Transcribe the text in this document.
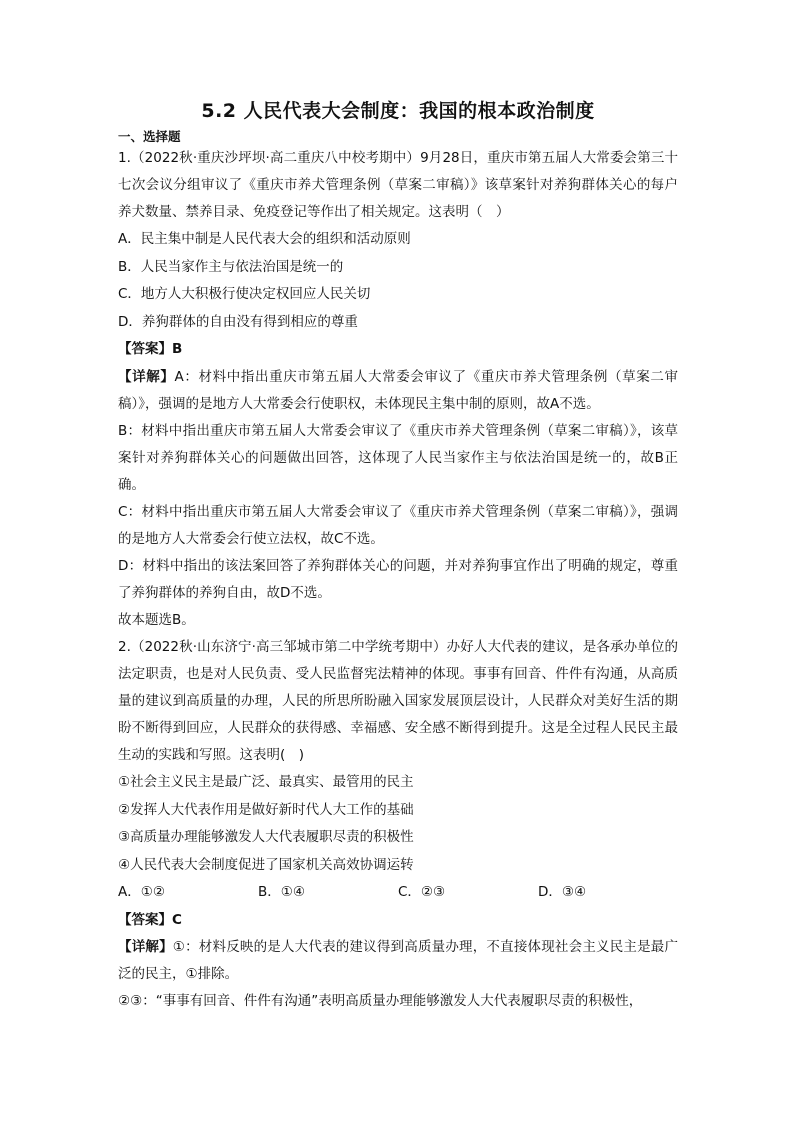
5.2 人民代表大会制度：我国的根本政治制度

一、选择题

1.（2022秋·重庆沙坪坝·高二重庆八中校考期中）9月28日，重庆市第五届人大常委会第三十七次会议分组审议了《重庆市养犬管理条例（草案二审稿）》该草案针对养狗群体关心的每户养犬数量、禁养目录、免疫登记等作出了相关规定。这表明（　）

A．民主集中制是人民代表大会的组织和活动原则

B．人民当家作主与依法治国是统一的

C．地方人大积极行使决定权回应人民关切

D．养狗群体的自由没有得到相应的尊重

【答案】B

【详解】A：材料中指出重庆市第五届人大常委会审议了《重庆市养犬管理条例（草案二审稿）》，强调的是地方人大常委会行使职权，未体现民主集中制的原则，故A不选。

B：材料中指出重庆市第五届人大常委会审议了《重庆市养犬管理条例（草案二审稿）》，该草案针对养狗群体关心的问题做出回答，这体现了人民当家作主与依法治国是统一的，故B正确。

C：材料中指出重庆市第五届人大常委会审议了《重庆市养犬管理条例（草案二审稿）》，强调的是地方人大常委会行使立法权，故C不选。

D：材料中指出的该法案回答了养狗群体关心的问题，并对养狗事宜作出了明确的规定，尊重了养狗群体的养狗自由，故D不选。

故本题选B。

2.（2022秋·山东济宁·高三邹城市第二中学统考期中）办好人大代表的建议，是各承办单位的法定职责，也是对人民负责、受人民监督宪法精神的体现。事事有回音、件件有沟通，从高质量的建议到高质量的办理，人民的所思所盼融入国家发展顶层设计，人民群众对美好生活的期盼不断得到回应，人民群众的获得感、幸福感、安全感不断得到提升。这是全过程人民民主最生动的实践和写照。这表明(　)

①社会主义民主是最广泛、最真实、最管用的民主

②发挥人大代表作用是做好新时代人大工作的基础

③高质量办理能够激发人大代表履职尽责的积极性

④人民代表大会制度促进了国家机关高效协调运转

A．①②	B．①④	C．②③	D．③④

【答案】C

【详解】①：材料反映的是人大代表的建议得到高质量办理，不直接体现社会主义民主是最广泛的民主，①排除。

②③：“事事有回音、件件有沟通”表明高质量办理能够激发人大代表履职尽责的积极性，
